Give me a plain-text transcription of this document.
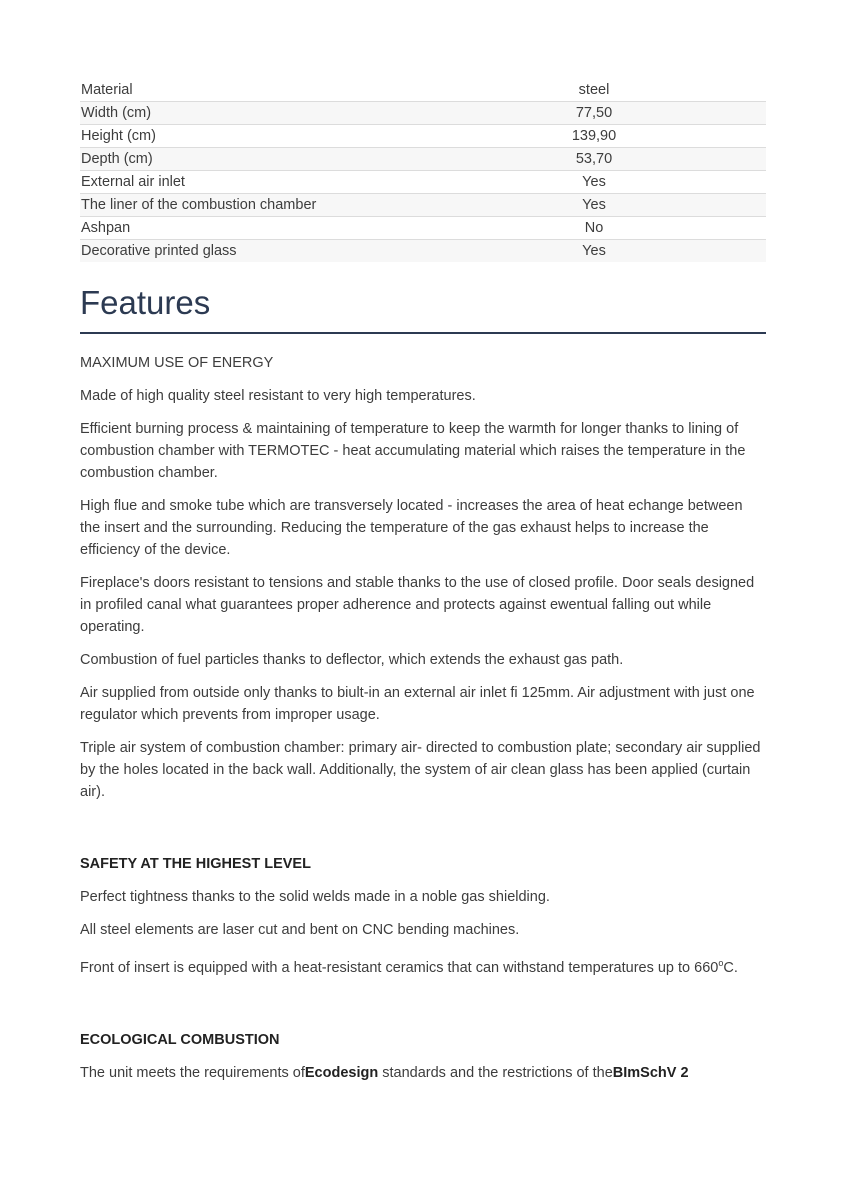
Material	steel
Width (cm)	77,50
Height (cm)	139,90
Depth (cm)	53,70
External air inlet	Yes
The liner of the combustion chamber	Yes
Ashpan	No
Decorative printed glass	Yes
Features

MAXIMUM USE OF ENERGY

Made of high quality steel resistant to very high temperatures.

Efficient burning process & maintaining of temperature to keep the warmth for longer thanks to lining of combustion chamber with TERMOTEC - heat accumulating material which raises the temperature in the combustion chamber.

High flue and smoke tube which are transversely located - increases the area of heat echange between the insert and the surrounding. Reducing the temperature of the gas exhaust helps to increase the efficiency of the device.

Fireplace's doors resistant to tensions and stable thanks to the use of closed profile. Door seals designed in profiled canal what guarantees proper adherence and protects against ewentual falling out while operating.

Combustion of fuel particles thanks to deflector, which extends the exhaust gas path.

Air supplied from outside only thanks to biult-in an external air inlet fi 125mm. Air adjustment with just one regulator which prevents from improper usage.

Triple air system of combustion chamber: primary air- directed to combustion plate; secondary air supplied by the holes located in the back wall. Additionally, the system of air clean glass has been applied (curtain air).

SAFETY AT THE HIGHEST LEVEL

Perfect tightness thanks to the solid welds made in a noble gas shielding.

All steel elements are laser cut and bent on CNC bending machines.

Front of insert is equipped with a heat-resistant ceramics that can withstand temperatures up to 660$^o$C.

ECOLOGICAL COMBUSTION

The unit meets the requirements ofEcodesign standards and the restrictions of theBImSchV 2
